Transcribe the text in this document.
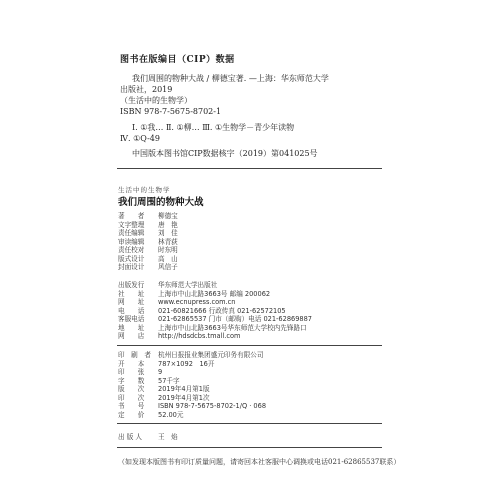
图书在版编目（CIP）数据
我们周围的物种大战 / 柳德宝著. —上海：华东师范大学
出版社，2019
（生活中的生物学）
ISBN 978-7-5675-8702-1
Ⅰ. ①我… Ⅱ. ①柳… Ⅲ. ①生物学－青少年读物
Ⅳ. ①Q-49
中国版本图书馆CIP数据核字（2019）第041025号
生活中的生物学
我们周围的物种大战
著　　者 柳德宝
文字整理 唐　艳
责任编辑 刘　佳
审读编辑 林青荻
责任校对 时东明
版式设计 高　山
封面设计 风信子
出版发行 华东师范大学出版社
社　　址 上海市中山北路3663号 邮编 200062
网　　址 www.ecnupress.com.cn
电　　话 021-60821666 行政传真 021-62572105
客服电话 021-62865537 门市（邮购）电话 021-62869887
地　　址 上海市中山北路3663号华东师范大学校内先锋路口
网　　店 http://hdsdcbs.tmall.com
印　刷　者 杭州日报报业集团盛元印务有限公司
开　　本 787×1092　16开
印　　张 9
字　　数 57千字
版　　次 2019年4月第1版
印　　次 2019年4月第1次
书　　号 ISBN 978-7-5675-8702-1/Q · 068
定　　价 52.00元
出 版 人 王　焰
（如发现本版图书有印订质量问题，请寄回本社客服中心调换或电话021-62865537联系）
